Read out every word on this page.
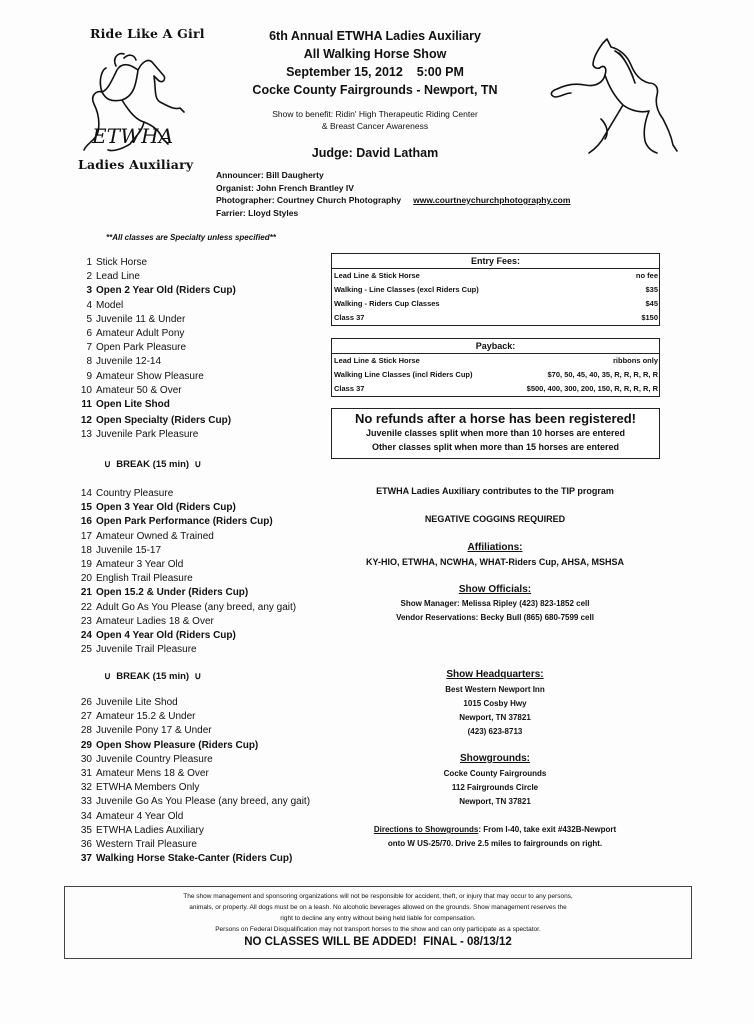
Ride Like A Girl
ETWHA
Ladies Auxiliary
6th Annual ETWHA Ladies Auxiliary
All Walking Horse Show
September 15, 2012    5:00 PM
Cocke County Fairgrounds - Newport, TN
Show to benefit: Ridin' High Therapeutic Riding Center
& Breast Cancer Awareness
Judge: David Latham
Announcer: Bill Daugherty
Organist: John French Brantley IV
Photographer: Courtney Church Photography www.courtneychurchphotography.com
Farrier: Lloyd Styles
**All classes are Specialty unless specified**
1 Stick Horse
2 Lead Line
3 Open 2 Year Old (Riders Cup)
4 Model
5 Juvenile 11 & Under
6 Amateur Adult Pony
7 Open Park Pleasure
8 Juvenile 12-14
9 Amateur Show Pleasure
10 Amateur 50 & Over
11 Open Lite Shod
12 Open Specialty (Riders Cup)
13 Juvenile Park Pleasure
∪ BREAK (15 min) ∪
14 Country Pleasure
15 Open 3 Year Old (Riders Cup)
16 Open Park Performance (Riders Cup)
17 Amateur Owned & Trained
18 Juvenile 15-17
19 Amateur 3 Year Old
20 English Trail Pleasure
21 Open 15.2 & Under (Riders Cup)
22 Adult Go As You Please (any breed, any gait)
23 Amateur Ladies 18 & Over
24 Open 4 Year Old (Riders Cup)
25 Juvenile Trail Pleasure
∪ BREAK (15 min) ∪
26 Juvenile Lite Shod
27 Amateur 15.2 & Under
28 Juvenile Pony 17 & Under
29 Open Show Pleasure (Riders Cup)
30 Juvenile Country Pleasure
31 Amateur Mens 18 & Over
32 ETWHA Members Only
33 Juvenile Go As You Please (any breed, any gait)
34 Amateur 4 Year Old
35 ETWHA Ladies Auxiliary
36 Western Trail Pleasure
37 Walking Horse Stake-Canter (Riders Cup)
Entry Fees:
Lead Line & Stick Horse	no fee
Walking - Line Classes (excl Riders Cup)	$35
Walking - Riders Cup Classes	$45
Class 37	$150
Payback:
Lead Line & Stick Horse	ribbons only
Walking Line Classes (incl Riders Cup)	$70, 50, 45, 40, 35, R, R, R, R, R
Class 37	$500, 400, 300, 200, 150, R, R, R, R, R
No refunds after a horse has been registered!
Juvenile classes split when more than 10 horses are entered
Other classes split when more than 15 horses are entered
ETWHA Ladies Auxiliary contributes to the TIP program
NEGATIVE COGGINS REQUIRED
Affiliations:
KY-HIO, ETWHA, NCWHA, WHAT-Riders Cup, AHSA, MSHSA
Show Officials:
Show Manager: Melissa Ripley (423) 823-1852 cell
Vendor Reservations: Becky Bull (865) 680-7599 cell
Show Headquarters:
Best Western Newport Inn
1015 Cosby Hwy
Newport, TN 37821
(423) 623-8713
Showgrounds:
Cocke County Fairgrounds
112 Fairgrounds Circle
Newport, TN 37821
Directions to Showgrounds: From I-40, take exit #432B-Newport
onto W US-25/70. Drive 2.5 miles to fairgrounds on right.
The show management and sponsoring organizations will not be responsible for accident, theft, or injury that may occur to any persons,
animals, or property. All dogs must be on a leash. No alcoholic beverages allowed on the grounds. Show management reserves the
right to decline any entry without being held liable for compensation.
Persons on Federal Disqualification may not transport horses to the show and can only participate as a spectator.
NO CLASSES WILL BE ADDED!  FINAL - 08/13/12
